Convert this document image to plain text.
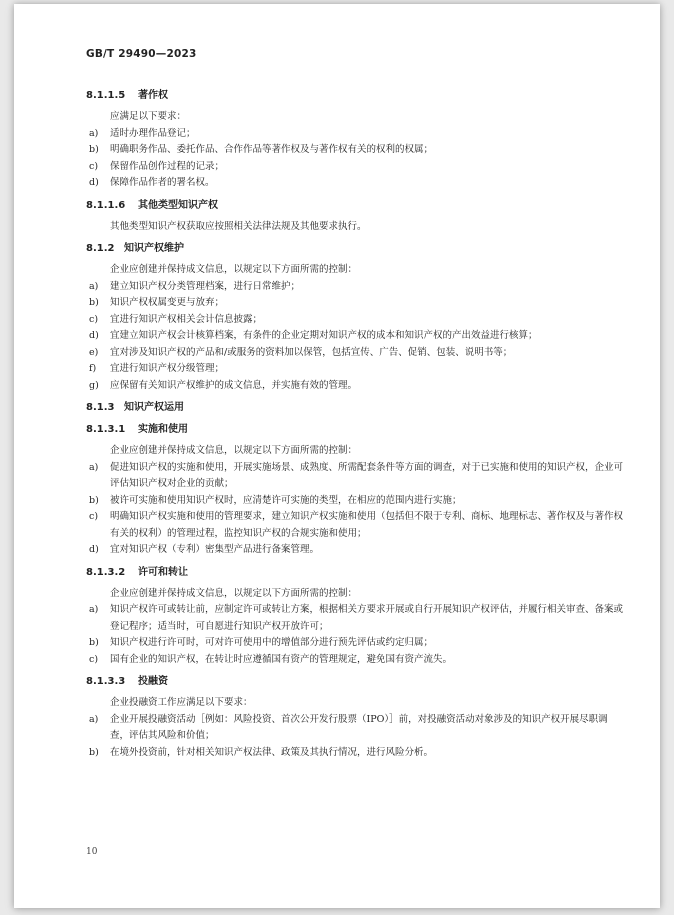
GB/T 29490—2023
8.1.1.5	著作权
应满足以下要求：
a)	适时办理作品登记；
b)	明确职务作品、委托作品、合作作品等著作权及与著作权有关的权利的权属；
c)	保留作品创作过程的记录；
d)	保障作品作者的署名权。
8.1.1.6	其他类型知识产权
其他类型知识产权获取应按照相关法律法规及其他要求执行。
8.1.2 知识产权维护
企业应创建并保持成文信息，以规定以下方面所需的控制：
a)	建立知识产权分类管理档案，进行日常维护；
b)	知识产权权属变更与放弃；
c)	宜进行知识产权相关会计信息披露；
d)	宜建立知识产权会计核算档案，有条件的企业定期对知识产权的成本和知识产权的产出效益进行核算；
e)	宜对涉及知识产权的产品和/或服务的资料加以保管，包括宣传、广告、促销、包装、说明书等；
f)	宜进行知识产权分级管理；
g)	应保留有关知识产权维护的成文信息，并实施有效的管理。
8.1.3 知识产权运用
8.1.3.1	实施和使用
企业应创建并保持成文信息，以规定以下方面所需的控制：
a)	促进知识产权的实施和使用，开展实施场景、成熟度、所需配套条件等方面的调查，对于已实施和使用的知识产权，企业可评估知识产权对企业的贡献；
b)	被许可实施和使用知识产权时，应清楚许可实施的类型，在相应的范围内进行实施；
c)	明确知识产权实施和使用的管理要求，建立知识产权实施和使用（包括但不限于专利、商标、地理标志、著作权及与著作权有关的权利）的管理过程，监控知识产权的合规实施和使用；
d)	宜对知识产权（专利）密集型产品进行备案管理。
8.1.3.2	许可和转让
企业应创建并保持成文信息，以规定以下方面所需的控制：
a)	知识产权许可或转让前，应制定许可或转让方案，根据相关方要求开展或自行开展知识产权评估，并履行相关审查、备案或登记程序；适当时，可自愿进行知识产权开放许可；
b)	知识产权进行许可时，可对许可使用中的增值部分进行预先评估或约定归属；
c)	国有企业的知识产权，在转让时应遵循国有资产的管理规定，避免国有资产流失。
8.1.3.3	投融资
企业投融资工作应满足以下要求：
a)	企业开展投融资活动［例如：风险投资、首次公开发行股票（IPO）］前，对投融资活动对象涉及的知识产权开展尽职调查，评估其风险和价值；
b)	在境外投资前，针对相关知识产权法律、政策及其执行情况，进行风险分析。
10
